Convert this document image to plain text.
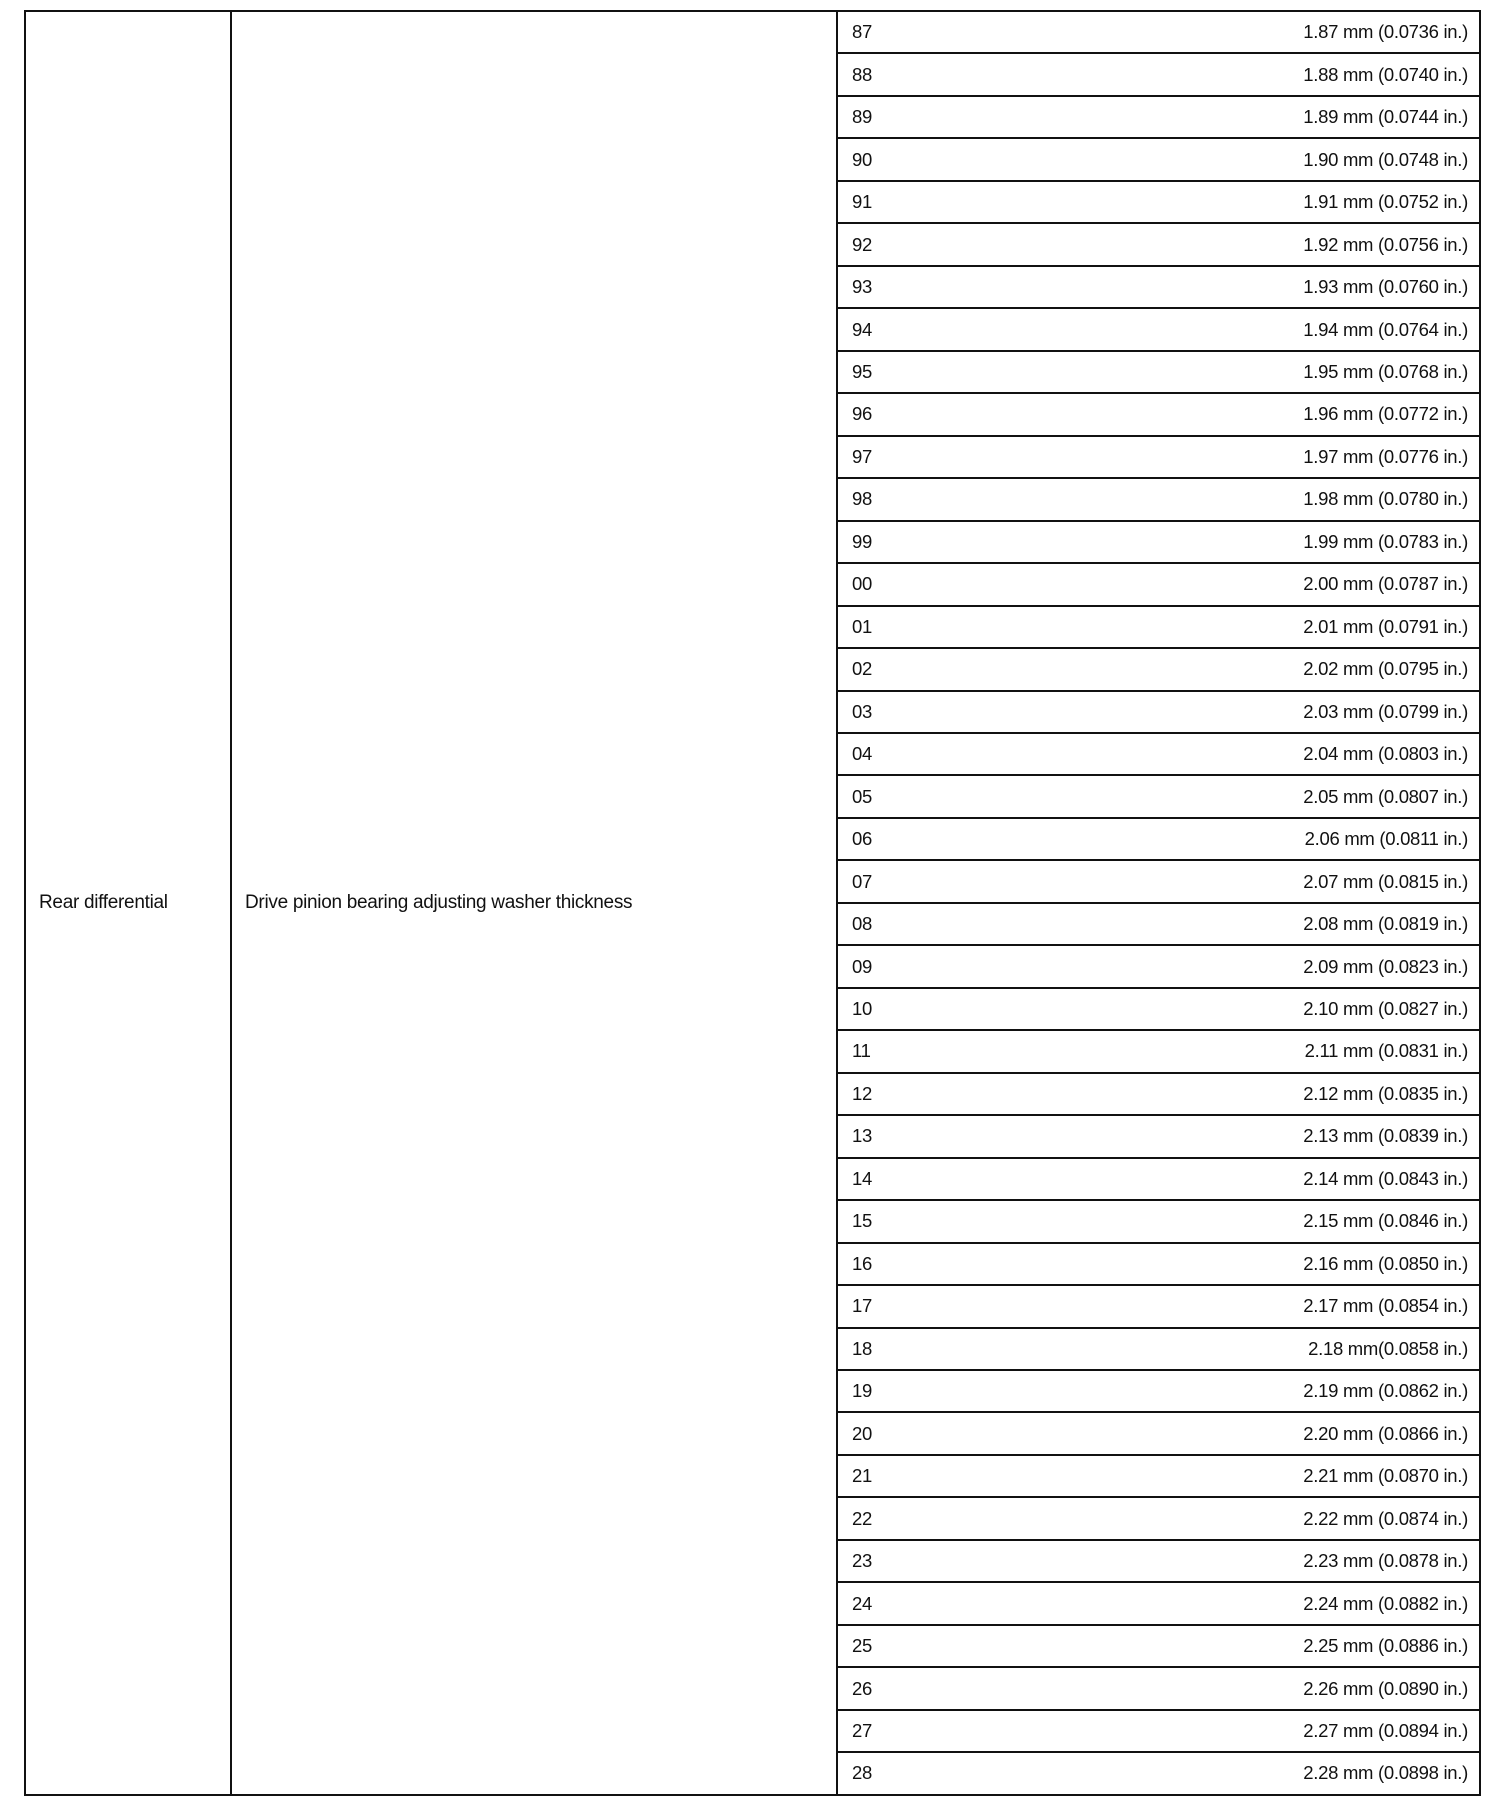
Rear differential	Drive pinion bearing adjusting washer thickness
87	1.87 mm (0.0736 in.)
88	1.88 mm (0.0740 in.)
89	1.89 mm (0.0744 in.)
90	1.90 mm (0.0748 in.)
91	1.91 mm (0.0752 in.)
92	1.92 mm (0.0756 in.)
93	1.93 mm (0.0760 in.)
94	1.94 mm (0.0764 in.)
95	1.95 mm (0.0768 in.)
96	1.96 mm (0.0772 in.)
97	1.97 mm (0.0776 in.)
98	1.98 mm (0.0780 in.)
99	1.99 mm (0.0783 in.)
00	2.00 mm (0.0787 in.)
01	2.01 mm (0.0791 in.)
02	2.02 mm (0.0795 in.)
03	2.03 mm (0.0799 in.)
04	2.04 mm (0.0803 in.)
05	2.05 mm (0.0807 in.)
06	2.06 mm (0.0811 in.)
07	2.07 mm (0.0815 in.)
08	2.08 mm (0.0819 in.)
09	2.09 mm (0.0823 in.)
10	2.10 mm (0.0827 in.)
11	2.11 mm (0.0831 in.)
12	2.12 mm (0.0835 in.)
13	2.13 mm (0.0839 in.)
14	2.14 mm (0.0843 in.)
15	2.15 mm (0.0846 in.)
16	2.16 mm (0.0850 in.)
17	2.17 mm (0.0854 in.)
18	2.18 mm(0.0858 in.)
19	2.19 mm (0.0862 in.)
20	2.20 mm (0.0866 in.)
21	2.21 mm (0.0870 in.)
22	2.22 mm (0.0874 in.)
23	2.23 mm (0.0878 in.)
24	2.24 mm (0.0882 in.)
25	2.25 mm (0.0886 in.)
26	2.26 mm (0.0890 in.)
27	2.27 mm (0.0894 in.)
28	2.28 mm (0.0898 in.)
